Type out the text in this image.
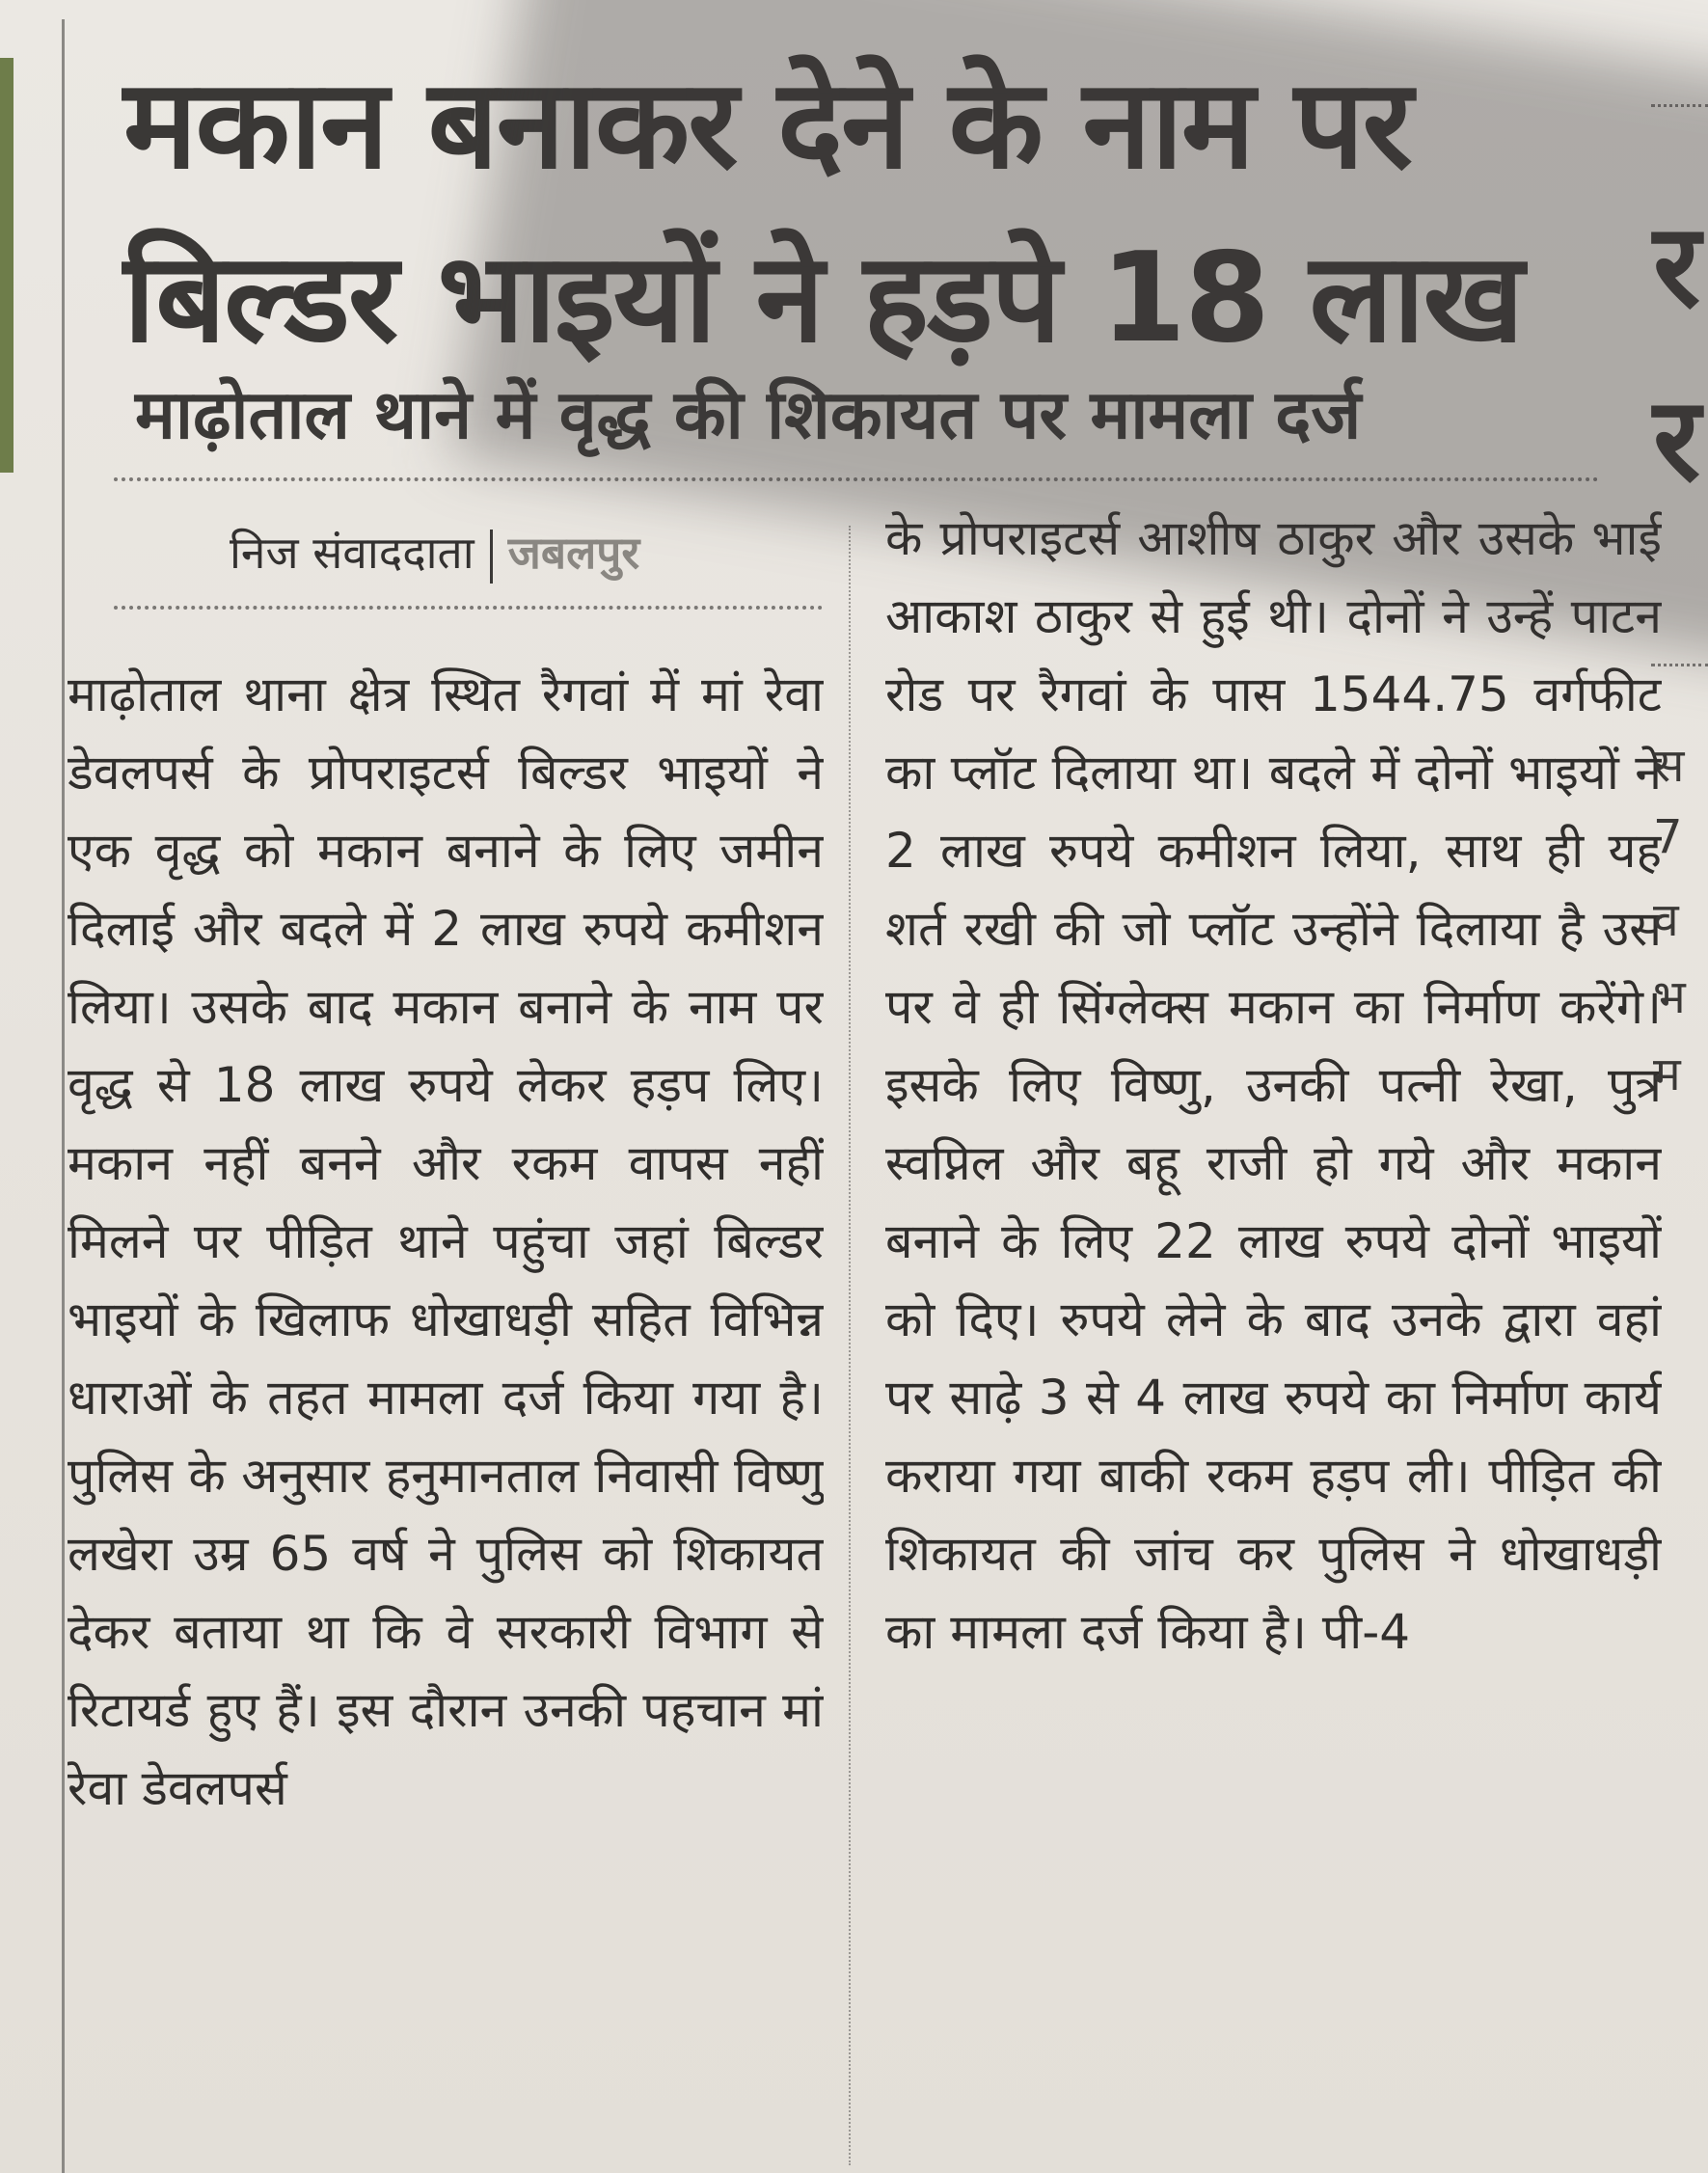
मकान बनाकर देने के नाम पर
बिल्डर भाइयों ने हड़पे 18 लाख
माढ़ोताल थाने में वृद्ध की शिकायत पर मामला दर्ज
निज संवाददाता जबलपुर
माढ़ोताल थाना क्षेत्र स्थित रैगवां में मां रेवा डेवलपर्स के प्रोपराइटर्स बिल्डर भाइयों ने एक वृद्ध को मकान बनाने के लिए जमीन दिलाई और बदले में 2 लाख रुपये कमीशन लिया। उसके बाद मकान बनाने के नाम पर वृद्ध से 18 लाख रुपये लेकर हड़प लिए। मकान नहीं बनने और रकम वापस नहीं मिलने पर पीड़ित थाने पहुंचा जहां बिल्डर भाइयों के खिलाफ धोखाधड़ी सहित विभिन्न धाराओं के तहत मामला दर्ज किया गया है। पुलिस के अनुसार हनुमानताल निवासी विष्णु लखेरा उम्र 65 वर्ष ने पुलिस को शिकायत देकर बताया था कि वे सरकारी विभाग से रिटायर्ड हुए हैं। इस दौरान उनकी पहचान मां रेवा डेवलपर्स
के प्रोपराइटर्स आशीष ठाकुर और उसके भाई आकाश ठाकुर से हुई थी। दोनों ने उन्हें पाटन रोड पर रैगवां के पास 1544.75 वर्गफीट का प्लॉट दिलाया था। बदले में दोनों भाइयों ने 2 लाख रुपये कमीशन लिया, साथ ही यह शर्त रखी की जो प्लॉट उन्होंने दिलाया है उस पर वे ही सिंग्लेक्स मकान का निर्माण करेंगे। इसके लिए विष्णु, उनकी पत्नी रेखा, पुत्र स्वप्निल और बहू राजी हो गये और मकान बनाने के लिए 22 लाख रुपये दोनों भाइयों को दिए। रुपये लेने के बाद उनके द्वारा वहां पर साढ़े 3 से 4 लाख रुपये का निर्माण कार्य कराया गया बाकी रकम हड़प ली। पीड़ित की शिकायत की जांच कर पुलिस ने धोखाधड़ी का मामला दर्ज किया है। पी-4
र
र
स
7
व
भ
म
